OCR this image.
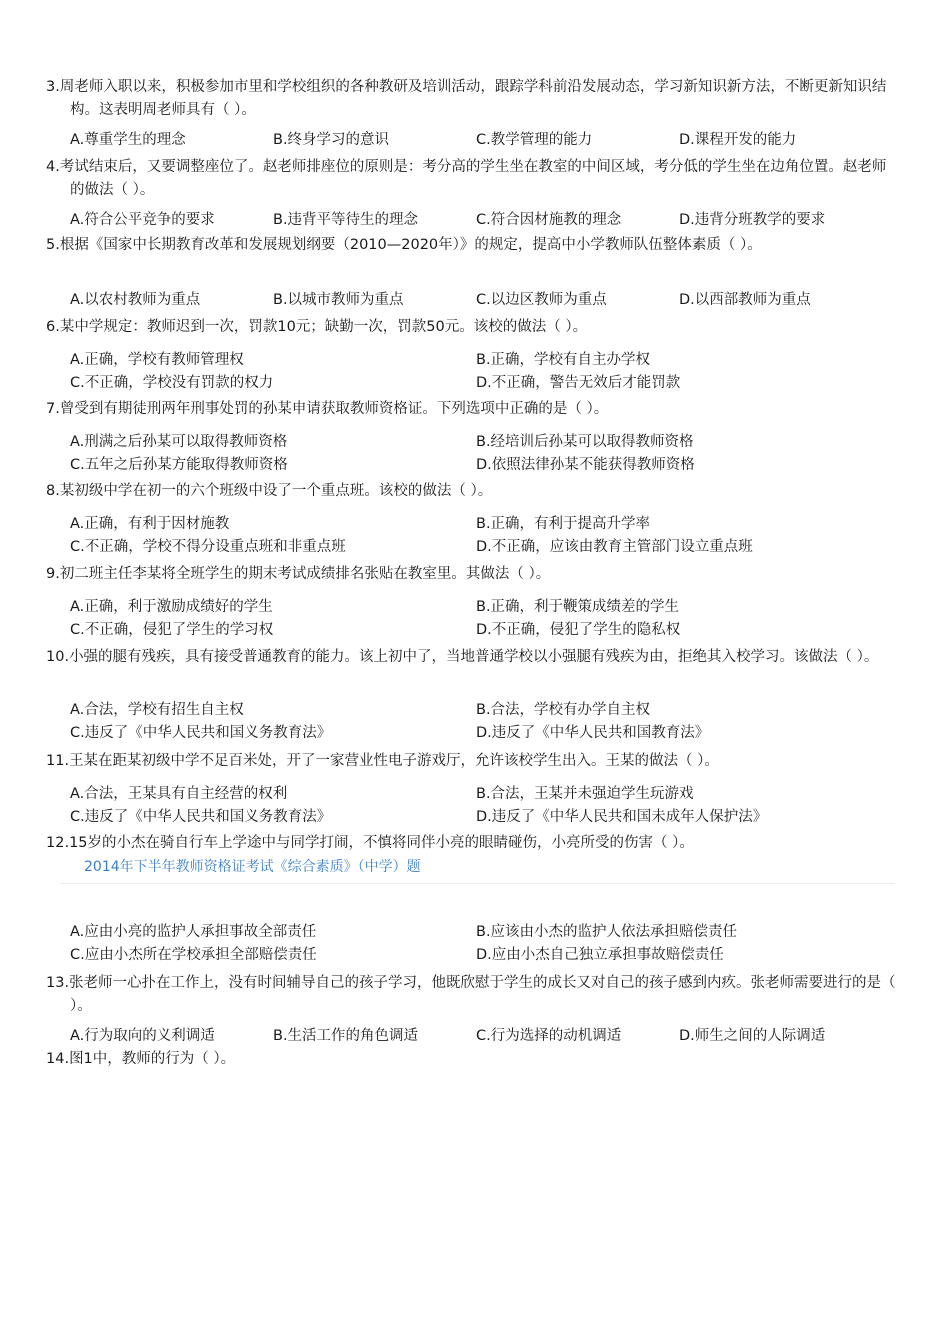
3.周老师入职以来，积极参加市里和学校组织的各种教研及培训活动，跟踪学科前沿发展动态，学习新知识新方法，不断更新知识结构。这表明周老师具有（ ）。
A.尊重学生的理念	B.终身学习的意识	C.教学管理的能力	D.课程开发的能力
4.考试结束后，又要调整座位了。赵老师排座位的原则是：考分高的学生坐在教室的中间区域，考分低的学生坐在边角位置。赵老师的做法（ ）。
A.符合公平竞争的要求	B.违背平等待生的理念	C.符合因材施教的理念	D.违背分班教学的要求
5.根据《国家中长期教育改革和发展规划纲要（2010—2020年）》的规定，提高中小学教师队伍整体素质（ ）。
A.以农村教师为重点	B.以城市教师为重点	C.以边区教师为重点	D.以西部教师为重点
6.某中学规定：教师迟到一次，罚款10元；缺勤一次，罚款50元。该校的做法（ ）。
A.正确，学校有教师管理权	B.正确，学校有自主办学权
C.不正确，学校没有罚款的权力	D.不正确，警告无效后才能罚款
7.曾受到有期徒刑两年刑事处罚的孙某申请获取教师资格证。下列选项中正确的是（ ）。
A.刑满之后孙某可以取得教师资格	B.经培训后孙某可以取得教师资格
C.五年之后孙某方能取得教师资格	D.依照法律孙某不能获得教师资格
8.某初级中学在初一的六个班级中设了一个重点班。该校的做法（ ）。
A.正确，有利于因材施教	B.正确，有利于提高升学率
C.不正确，学校不得分设重点班和非重点班	D.不正确，应该由教育主管部门设立重点班
9.初二班主任李某将全班学生的期末考试成绩排名张贴在教室里。其做法（ ）。
A.正确，利于激励成绩好的学生	B.正确，利于鞭策成绩差的学生
C.不正确，侵犯了学生的学习权	D.不正确，侵犯了学生的隐私权
10.小强的腿有残疾，具有接受普通教育的能力。该上初中了，当地普通学校以小强腿有残疾为由，拒绝其入校学习。该做法（ ）。
A.合法，学校有招生自主权	B.合法，学校有办学自主权
C.违反了《中华人民共和国义务教育法》	D.违反了《中华人民共和国教育法》
11.王某在距某初级中学不足百米处，开了一家营业性电子游戏厅，允许该校学生出入。王某的做法（ ）。
A.合法，王某具有自主经营的权利	B.合法，王某并未强迫学生玩游戏
C.违反了《中华人民共和国义务教育法》	D.违反了《中华人民共和国未成年人保护法》
12.15岁的小杰在骑自行车上学途中与同学打闹，不慎将同伴小亮的眼睛碰伤，小亮所受的伤害（ ）。
2014年下半年教师资格证考试《综合素质》（中学）题
A.应由小亮的监护人承担事故全部责任	B.应该由小杰的监护人依法承担赔偿责任
C.应由小杰所在学校承担全部赔偿责任	D.应由小杰自己独立承担事故赔偿责任
13.张老师一心扑在工作上，没有时间辅导自己的孩子学习，他既欣慰于学生的成长又对自己的孩子感到内疚。张老师需要进行的是（ ）。
A.行为取向的义利调适	B.生活工作的角色调适	C.行为选择的动机调适	D.师生之间的人际调适
14.图1中，教师的行为（ ）。
